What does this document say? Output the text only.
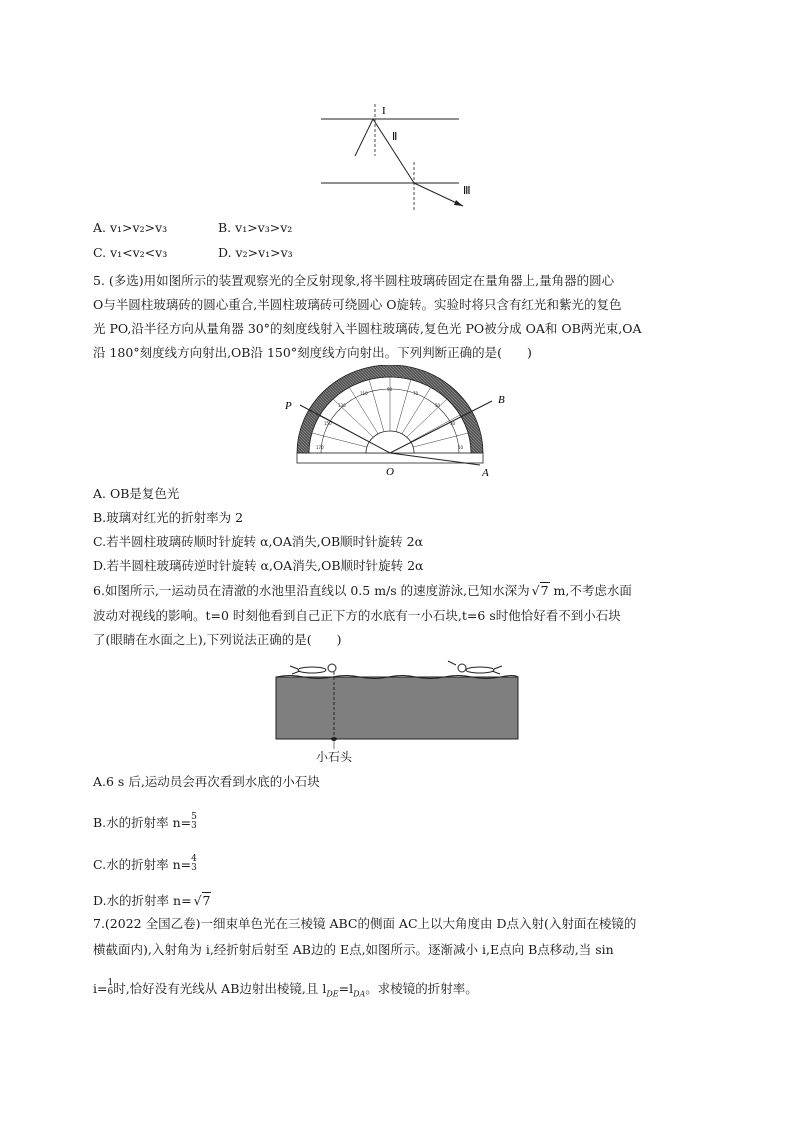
I
Ⅱ
Ⅲ
A. v₁>v₂>v₃	B. v₁>v₃>v₂
C. v₁<v₂<v₃	D. v₂>v₁>v₃
5. (多选)用如图所示的装置观察光的全反射现象,将半圆柱玻璃砖固定在量角器上,量角器的圆心
O与半圆柱玻璃砖的圆心重合,半圆柱玻璃砖可绕圆心 O旋转。实验时将只含有红光和紫光的复色
光 PO,沿半径方向从量角器 30°的刻度线射入半圆柱玻璃砖,复色光 PO被分成 OA和 OB两光束,OA
沿 180°刻度线方向射出,OB沿 150°刻度线方向射出。下列判断正确的是(　　)
170	10
150	30
130	50
110	70
90
P	B
O	A
A. OB是复色光
B.玻璃对红光的折射率为 2
C.若半圆柱玻璃砖顺时针旋转 α,OA消失,OB顺时针旋转 2α
D.若半圆柱玻璃砖逆时针旋转 α,OA消失,OB顺时针旋转 2α
6.如图所示,一运动员在清澈的水池里沿直线以 0.5 m/s 的速度游泳,已知水深为 √7 m,不考虑水面
波动对视线的影响。t=0 时刻他看到自己正下方的水底有一小石块,t=6 s时他恰好看不到小石块
了(眼睛在水面之上),下列说法正确的是(　　)
小石头
A.6 s 后,运动员会再次看到水底的小石块
B.水的折射率 n= 5
3
C.水的折射率 n= 4
3
D.水的折射率 n= √7
7.(2022 全国乙卷)一细束单色光在三棱镜 ABC的侧面 AC上以大角度由 D点入射(入射面在棱镜的
横截面内),入射角为 i,经折射后射至 AB边的 E点,如图所示。逐渐减小 i,E点向 B点移动,当 sin
i= 1
6 时,恰好没有光线从 AB边射出棱镜,且 $l_{DE}=l_{DA}$。求棱镜的折射率。
